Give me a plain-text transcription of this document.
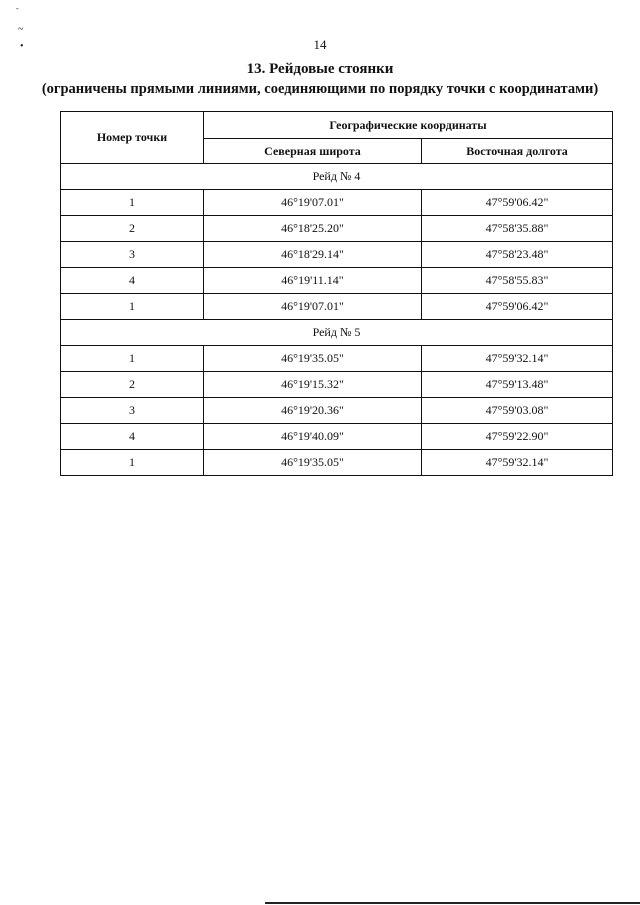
-
~
•	14
13. Рейдовые стоянки
(ограничены прямыми линиями, соединяющими по порядку точки с координатами)
Номер точки	Географические координаты	
	Северная широта	Восточная долгота
Рейд № 4		
1	46°19'07.01"	47°59'06.42"
2	46°18'25.20"	47°58'35.88"
3	46°18'29.14"	47°58'23.48"
4	46°19'11.14"	47°58'55.83"
1	46°19'07.01"	47°59'06.42"
Рейд № 5		
1	46°19'35.05"	47°59'32.14"
2	46°19'15.32"	47°59'13.48"
3	46°19'20.36"	47°59'03.08"
4	46°19'40.09"	47°59'22.90"
1	46°19'35.05"	47°59'32.14"
